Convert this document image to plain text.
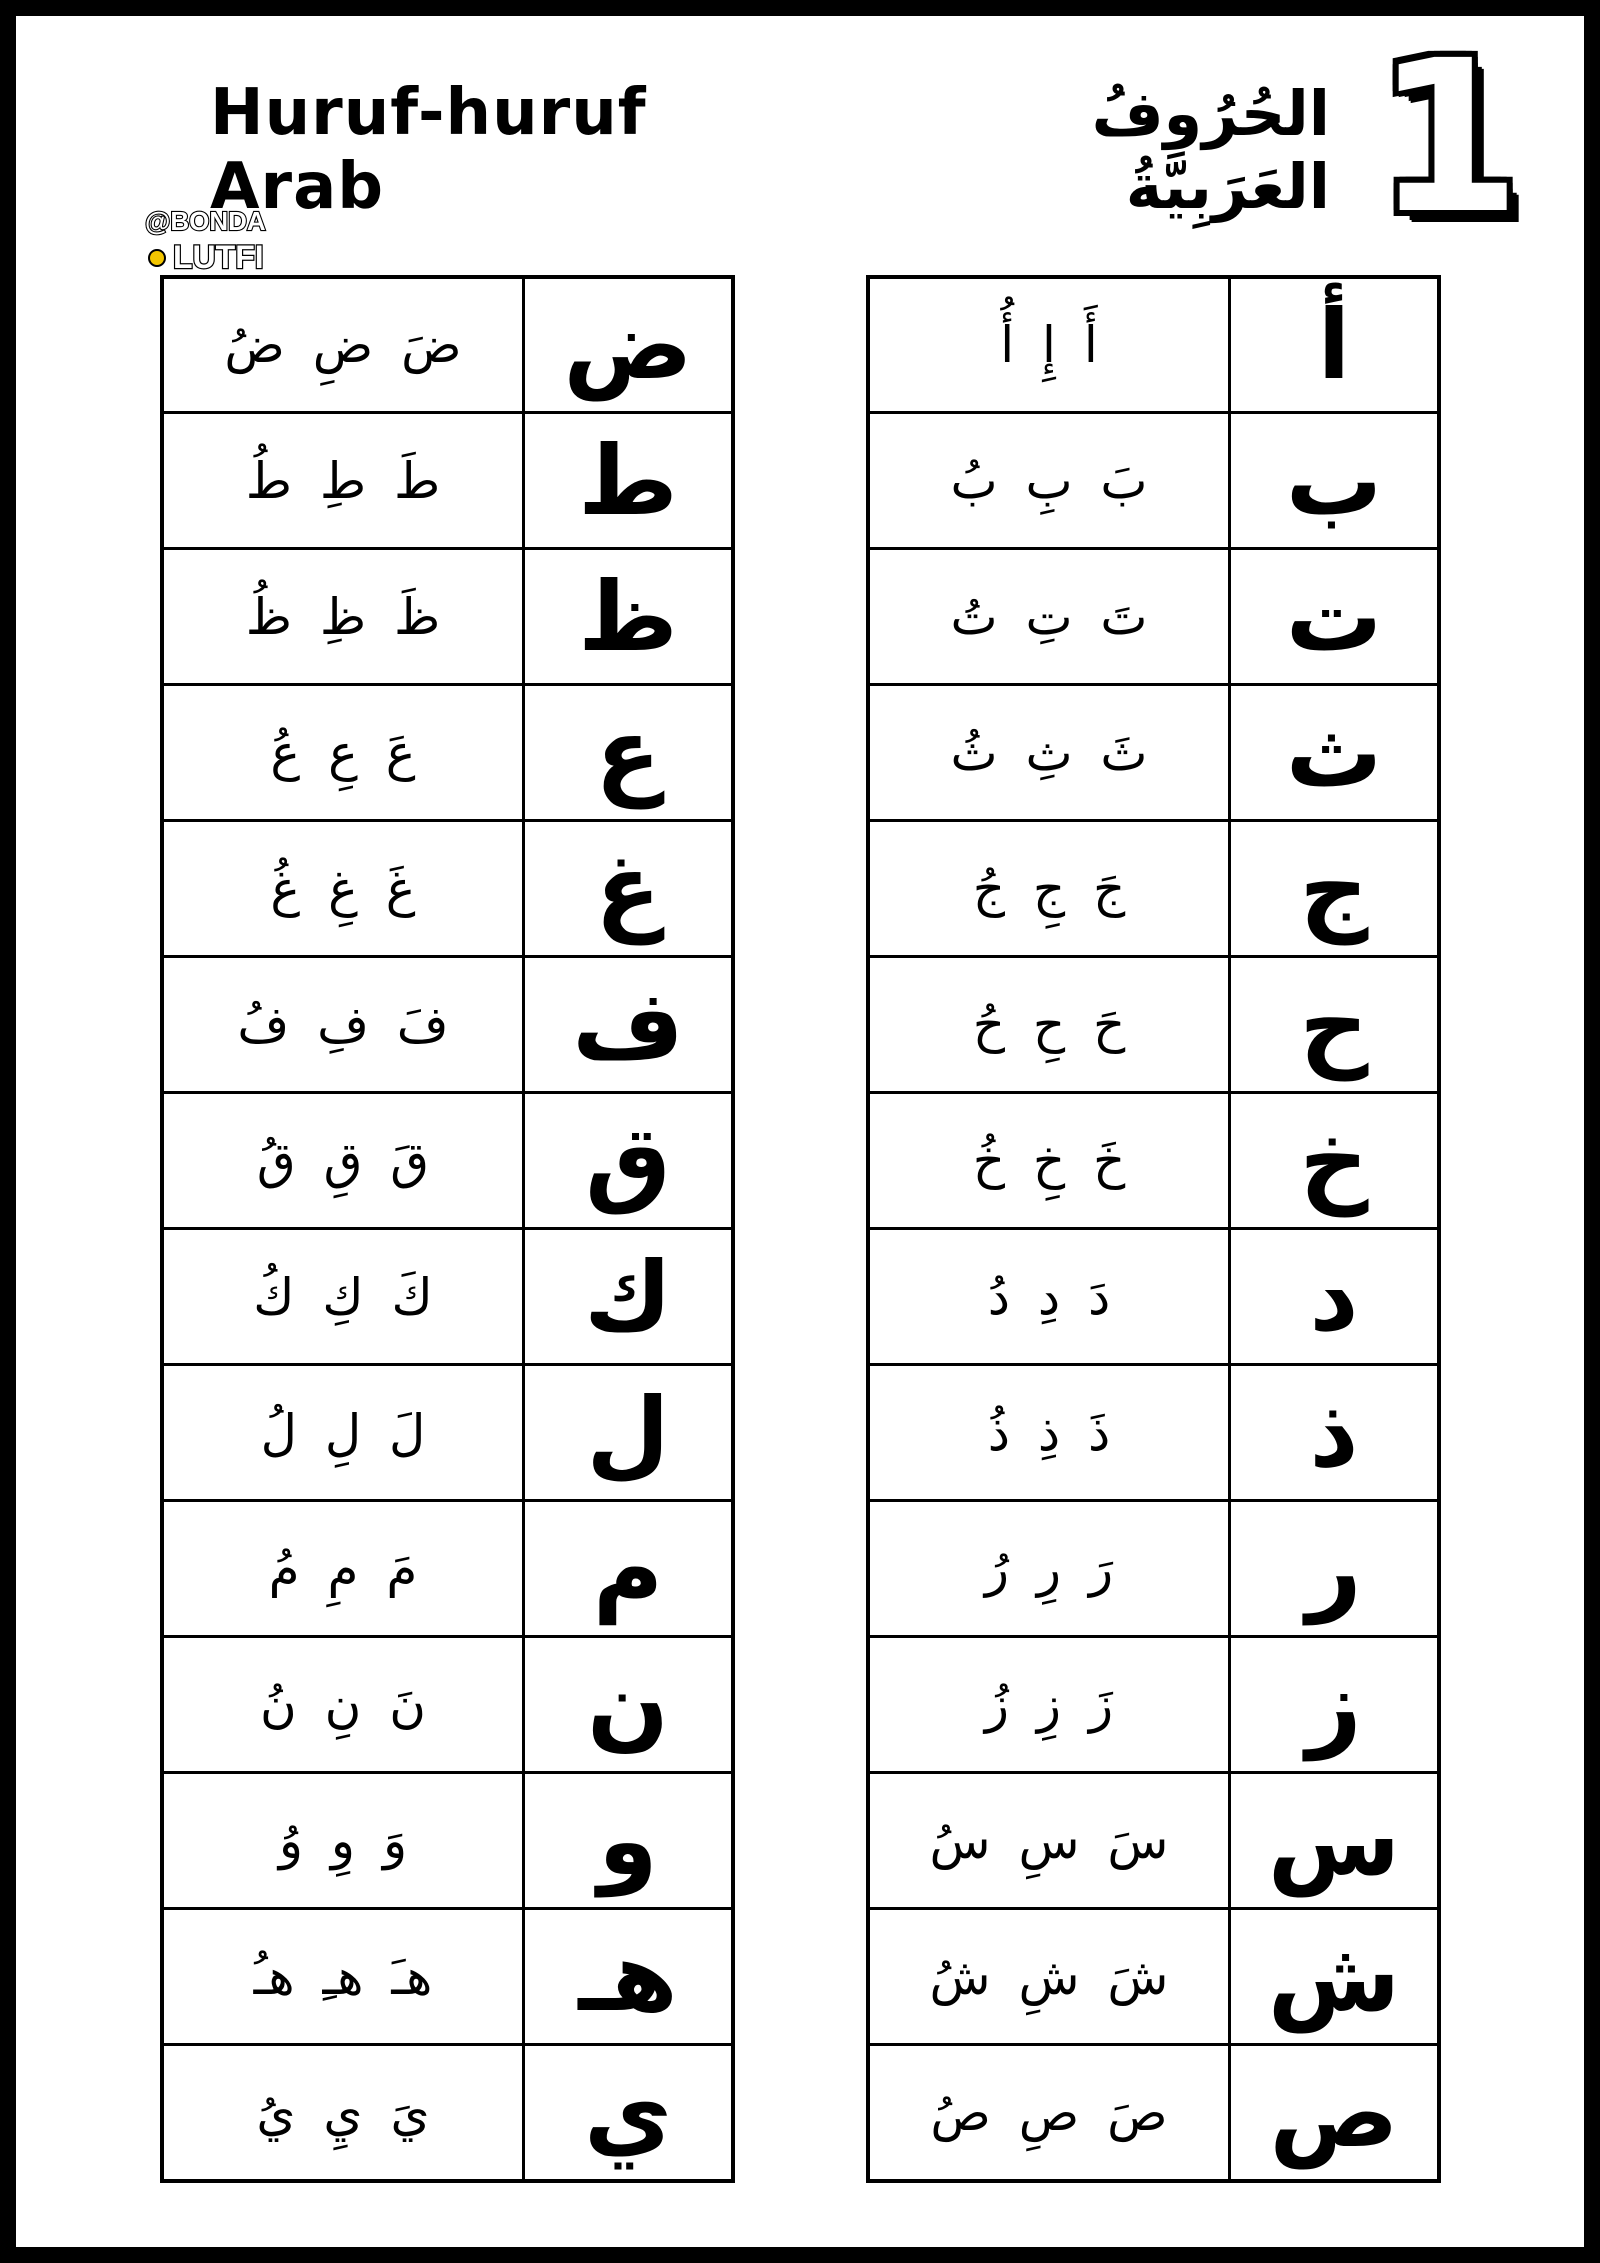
Huruf-huruf Arab
الحُرُوفُ العَرَبِيَّةُ 1
@BONDA
LUTFI
أَ إِ أُ	أ
بَ بِ بُ	ب
تَ تِ تُ	ت
ثَ ثِ ثُ	ث
جَ جِ جُ	ج
حَ حِ حُ	ح
خَ خِ خُ	خ
دَ دِ دُ	د
ذَ ذِ ذُ	ذ
رَ رِ رُ	ر
زَ زِ زُ	ز
سَ سِ سُ	س
شَ شِ شُ	ش
صَ صِ صُ	ص
ضَ ضِ ضُ	ض
طَ طِ طُ	ط
ظَ ظِ ظُ	ظ
عَ عِ عُ	ع
غَ غِ غُ	غ
فَ فِ فُ	ف
قَ قِ قُ	ق
كَ كِ كُ	ك
لَ لِ لُ	ل
مَ مِ مُ	م
نَ نِ نُ	ن
وَ وِ وُ	و
هـَ هـِ هـُ	هـ
يَ يِ يُ	ي
